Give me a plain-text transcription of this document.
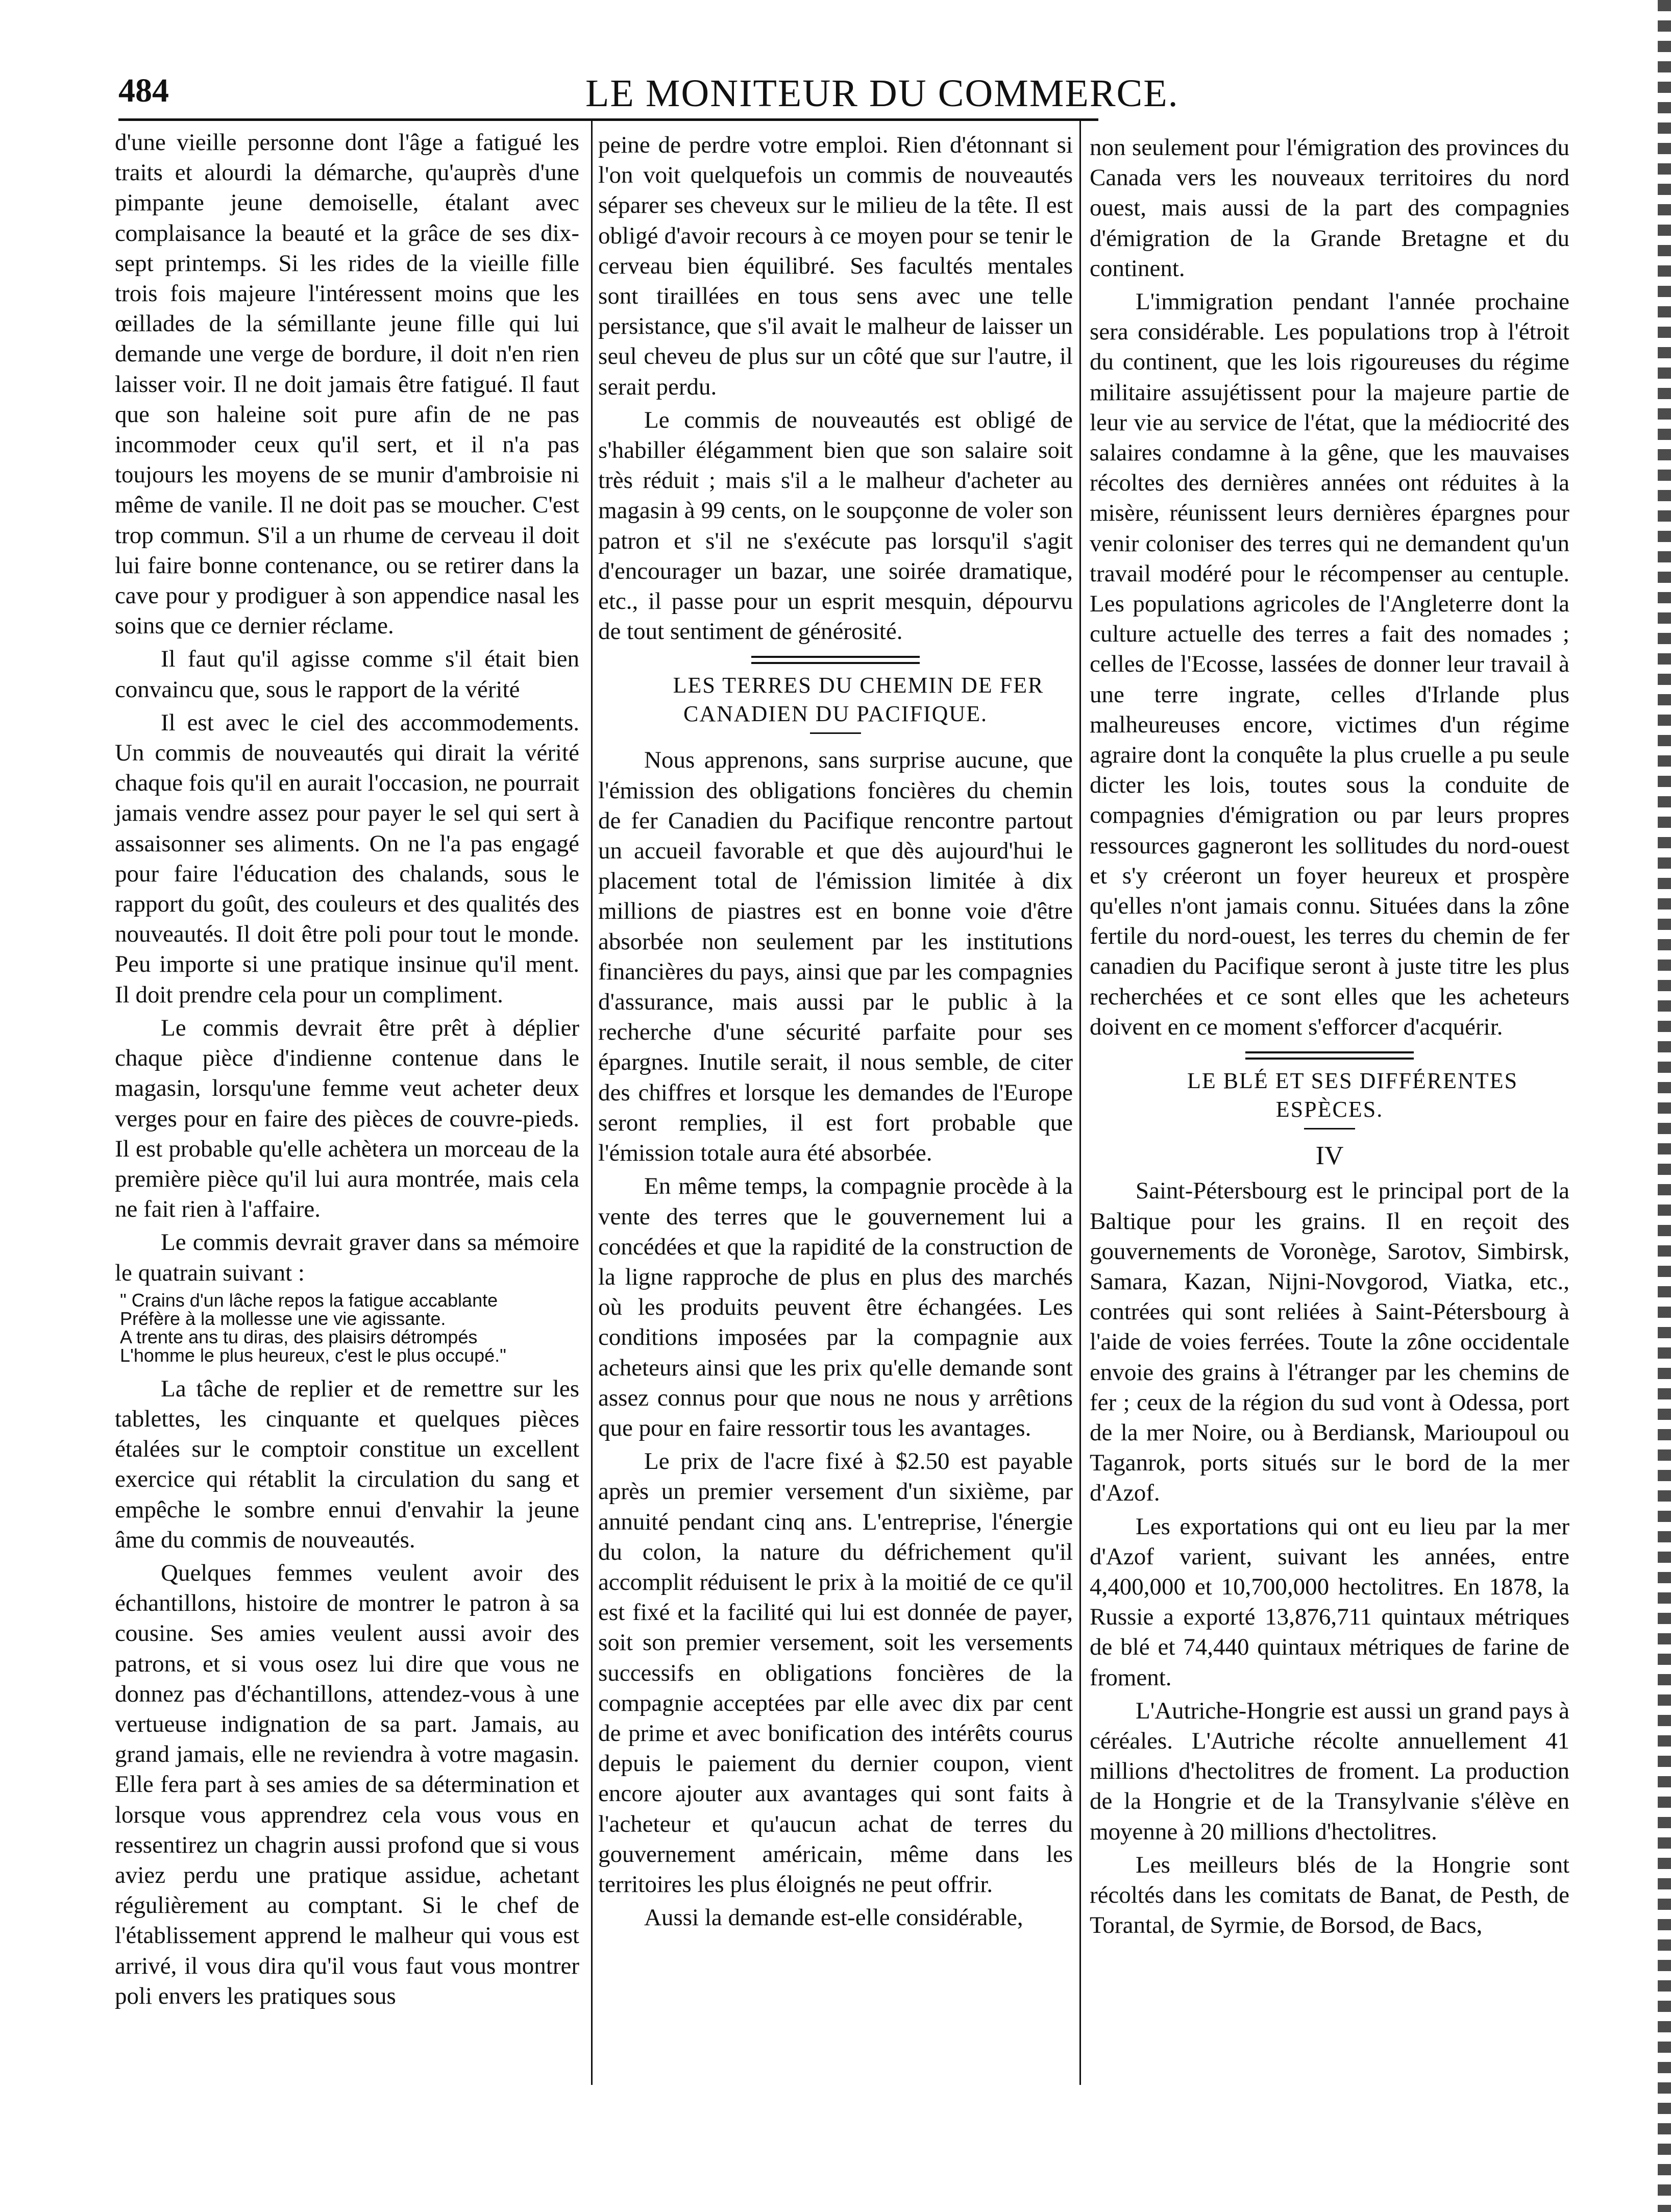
484	LE MONITEUR DU COMMERCE.

d'une vieille personne dont l'âge a fatigué les traits et alourdi la démarche, qu'auprès d'une pimpante jeune demoiselle, étalant avec complaisance la beauté et la grâce de ses dix-sept printemps. Si les rides de la vieille fille trois fois majeure l'intéressent moins que les œillades de la sémillante jeune fille qui lui demande une verge de bordure, il doit n'en rien laisser voir. Il ne doit jamais être fatigué. Il faut que son haleine soit pure afin de ne pas incommoder ceux qu'il sert, et il n'a pas toujours les moyens de se munir d'ambroisie ni même de vanile. Il ne doit pas se moucher. C'est trop commun. S'il a un rhume de cerveau il doit lui faire bonne contenance, ou se retirer dans la cave pour y prodiguer à son appendice nasal les soins que ce dernier réclame.

Il faut qu'il agisse comme s'il était bien convaincu que, sous le rapport de la vérité

Il est avec le ciel des accommodements. Un commis de nouveautés qui dirait la vérité chaque fois qu'il en aurait l'occasion, ne pourrait jamais vendre assez pour payer le sel qui sert à assaisonner ses aliments. On ne l'a pas engagé pour faire l'éducation des chalands, sous le rapport du goût, des couleurs et des qualités des nouveautés. Il doit être poli pour tout le monde. Peu importe si une pratique insinue qu'il ment. Il doit prendre cela pour un compliment.

Le commis devrait être prêt à déplier chaque pièce d'indienne contenue dans le magasin, lorsqu'une femme veut acheter deux verges pour en faire des pièces de couvre-pieds. Il est probable qu'elle achètera un morceau de la première pièce qu'il lui aura montrée, mais cela ne fait rien à l'affaire.

Le commis devrait graver dans sa mémoire le quatrain suivant :

" Crains d'un lâche repos la fatigue accablante
Préfère à la mollesse une vie agissante.
A trente ans tu diras, des plaisirs détrompés
L'homme le plus heureux, c'est le plus occupé."

La tâche de replier et de remettre sur les tablettes, les cinquante et quelques pièces étalées sur le comptoir constitue un excellent exercice qui rétablit la circulation du sang et empêche le sombre ennui d'envahir la jeune âme du commis de nouveautés.

Quelques femmes veulent avoir des échantillons, histoire de montrer le patron à sa cousine. Ses amies veulent aussi avoir des patrons, et si vous osez lui dire que vous ne donnez pas d'échantillons, attendez-vous à une vertueuse indignation de sa part. Jamais, au grand jamais, elle ne reviendra à votre magasin. Elle fera part à ses amies de sa détermination et lorsque vous apprendrez cela vous vous en ressentirez un chagrin aussi profond que si vous aviez perdu une pratique assidue, achetant régulièrement au comptant. Si le chef de l'établissement apprend le malheur qui vous est arrivé, il vous dira qu'il vous faut vous montrer poli envers les pratiques sous

peine de perdre votre emploi. Rien d'étonnant si l'on voit quelquefois un commis de nouveautés séparer ses cheveux sur le milieu de la tête. Il est obligé d'avoir recours à ce moyen pour se tenir le cerveau bien équilibré. Ses facultés mentales sont tiraillées en tous sens avec une telle persistance, que s'il avait le malheur de laisser un seul cheveu de plus sur un côté que sur l'autre, il serait perdu.

Le commis de nouveautés est obligé de s'habiller élégamment bien que son salaire soit très réduit ; mais s'il a le malheur d'acheter au magasin à 99 cents, on le soupçonne de voler son patron et s'il ne s'exécute pas lorsqu'il s'agit d'encourager un bazar, une soirée dramatique, etc., il passe pour un esprit mesquin, dépourvu de tout sentiment de générosité.

LES TERRES DU CHEMIN DE FER CANADIEN DU PACIFIQUE.

Nous apprenons, sans surprise aucune, que l'émission des obligations foncières du chemin de fer Canadien du Pacifique rencontre partout un accueil favorable et que dès aujourd'hui le placement total de l'émission limitée à dix millions de piastres est en bonne voie d'être absorbée non seulement par les institutions financières du pays, ainsi que par les compagnies d'assurance, mais aussi par le public à la recherche d'une sécurité parfaite pour ses épargnes. Inutile serait, il nous semble, de citer des chiffres et lorsque les demandes de l'Europe seront remplies, il est fort probable que l'émission totale aura été absorbée.

En même temps, la compagnie procède à la vente des terres que le gouvernement lui a concédées et que la rapidité de la construction de la ligne rapproche de plus en plus des marchés où les produits peuvent être échangées. Les conditions imposées par la compagnie aux acheteurs ainsi que les prix qu'elle demande sont assez connus pour que nous ne nous y arrêtions que pour en faire ressortir tous les avantages.

Le prix de l'acre fixé à $2.50 est payable après un premier versement d'un sixième, par annuité pendant cinq ans. L'entreprise, l'énergie du colon, la nature du défrichement qu'il accomplit réduisent le prix à la moitié de ce qu'il est fixé et la facilité qui lui est donnée de payer, soit son premier versement, soit les versements successifs en obligations foncières de la compagnie acceptées par elle avec dix par cent de prime et avec bonification des intérêts courus depuis le paiement du dernier coupon, vient encore ajouter aux avantages qui sont faits à l'acheteur et qu'aucun achat de terres du gouvernement américain, même dans les territoires les plus éloignés ne peut offrir.

Aussi la demande est-elle considérable,

non seulement pour l'émigration des provinces du Canada vers les nouveaux territoires du nord ouest, mais aussi de la part des compagnies d'émigration de la Grande Bretagne et du continent.

L'immigration pendant l'année prochaine sera considérable. Les populations trop à l'étroit du continent, que les lois rigoureuses du régime militaire assujétissent pour la majeure partie de leur vie au service de l'état, que la médiocrité des salaires condamne à la gêne, que les mauvaises récoltes des dernières années ont réduites à la misère, réunissent leurs dernières épargnes pour venir coloniser des terres qui ne demandent qu'un travail modéré pour le récompenser au centuple. Les populations agricoles de l'Angleterre dont la culture actuelle des terres a fait des nomades ; celles de l'Ecosse, lassées de donner leur travail à une terre ingrate, celles d'Irlande plus malheureuses encore, victimes d'un régime agraire dont la conquête la plus cruelle a pu seule dicter les lois, toutes sous la conduite de compagnies d'émigration ou par leurs propres ressources gagneront les sollitudes du nord-ouest et s'y créeront un foyer heureux et prospère qu'elles n'ont jamais connu. Situées dans la zône fertile du nord-ouest, les terres du chemin de fer canadien du Pacifique seront à juste titre les plus recherchées et ce sont elles que les acheteurs doivent en ce moment s'efforcer d'acquérir.

LE BLÉ ET SES DIFFÉRENTES ESPÈCES.

IV

Saint-Pétersbourg est le principal port de la Baltique pour les grains. Il en reçoit des gouvernements de Voronège, Sarotov, Simbirsk, Samara, Kazan, Nijni-Novgorod, Viatka, etc., contrées qui sont reliées à Saint-Pétersbourg à l'aide de voies ferrées. Toute la zône occidentale envoie des grains à l'étranger par les chemins de fer ; ceux de la région du sud vont à Odessa, port de la mer Noire, ou à Berdiansk, Marioupoul ou Taganrok, ports situés sur le bord de la mer d'Azof.

Les exportations qui ont eu lieu par la mer d'Azof varient, suivant les années, entre 4,400,000 et 10,700,000 hectolitres. En 1878, la Russie a exporté 13,876,711 quintaux métriques de blé et 74,440 quintaux métriques de farine de froment.

L'Autriche-Hongrie est aussi un grand pays à céréales. L'Autriche récolte annuellement 41 millions d'hectolitres de froment. La production de la Hongrie et de la Transylvanie s'élève en moyenne à 20 millions d'hectolitres.

Les meilleurs blés de la Hongrie sont récoltés dans les comitats de Banat, de Pesth, de Torantal, de Syrmie, de Borsod, de Bacs,
